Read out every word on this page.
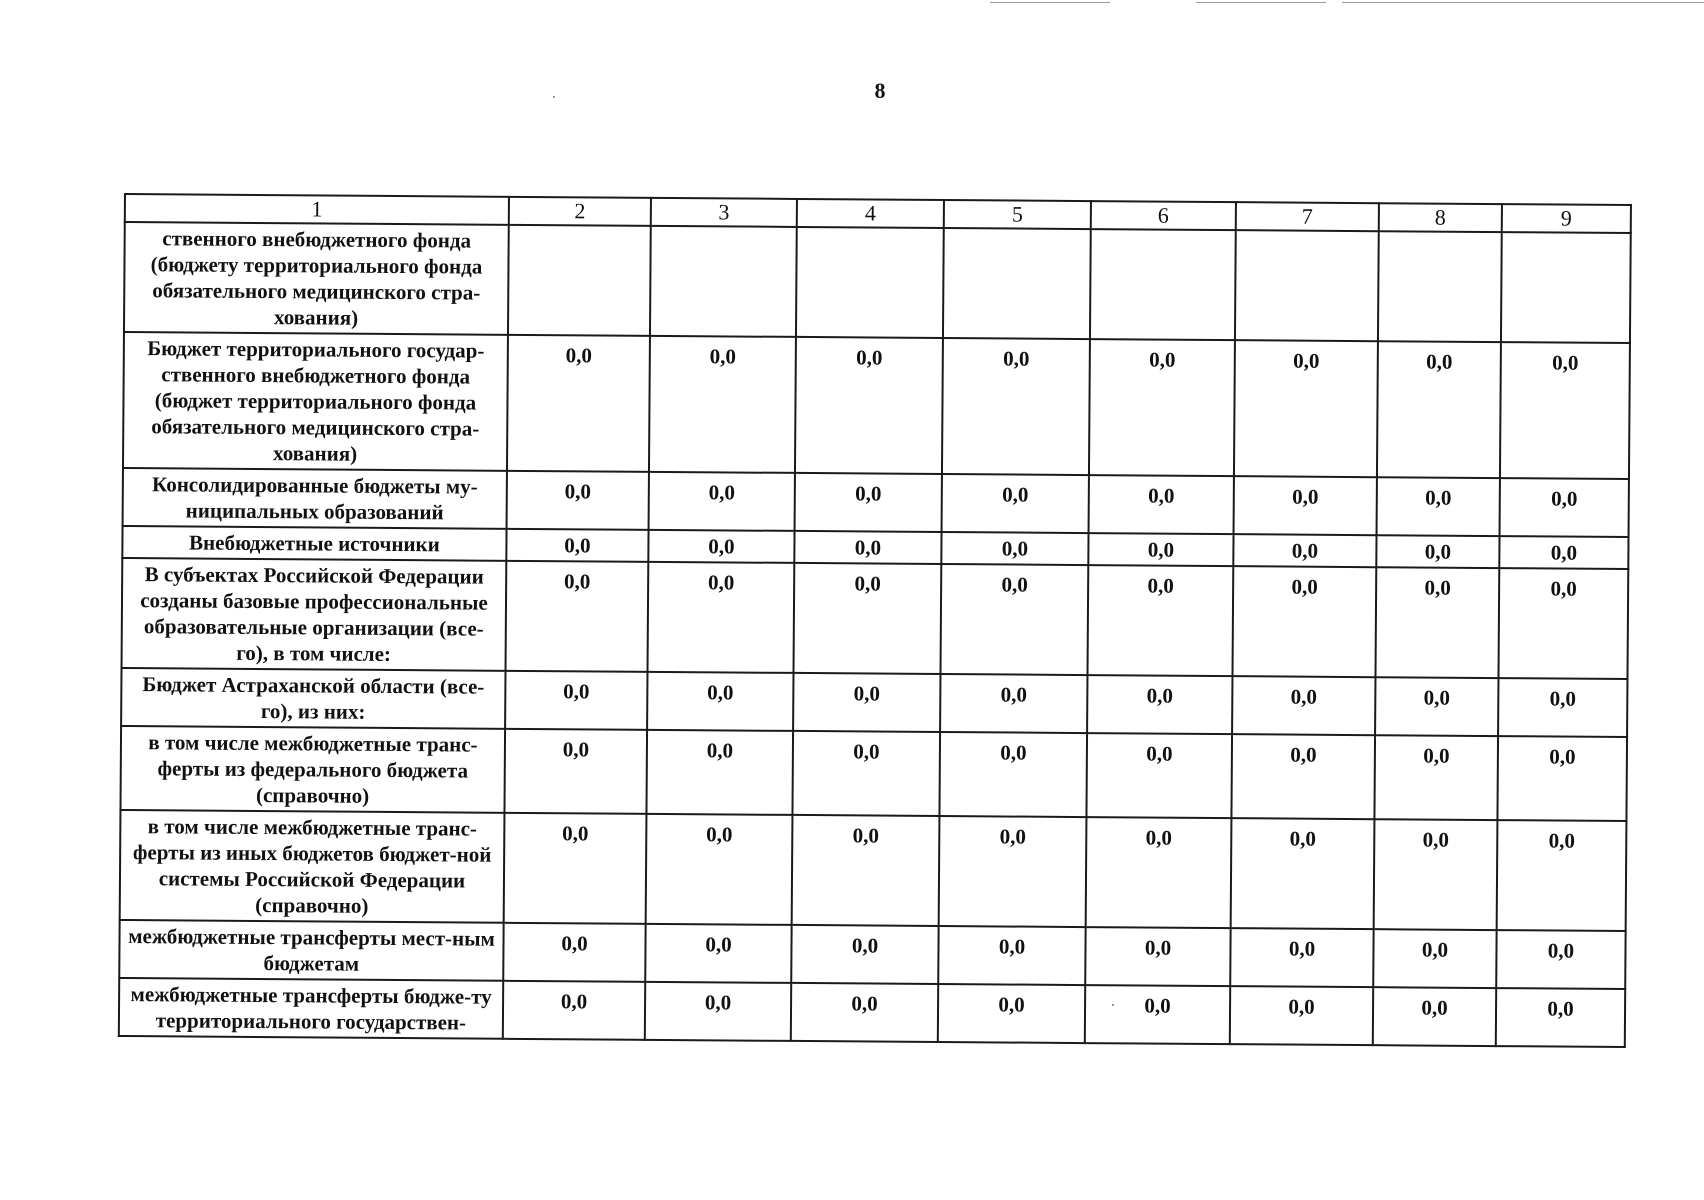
8
1	2	3	4	5	6	7	8	9
ственного внебюджетного фонда (бюджету территориального фонда обязательного медицинского стра-хования)								
Бюджет территориального государ-ственного внебюджетного фонда (бюджет территориального фонда обязательного медицинского стра-хования)	0,0	0,0	0,0	0,0	0,0	0,0	0,0	0,0
Консолидированные бюджеты му-ниципальных образований	0,0	0,0	0,0	0,0	0,0	0,0	0,0	0,0
Внебюджетные источники	0,0	0,0	0,0	0,0	0,0	0,0	0,0	0,0
В субъектах Российской Федерации созданы базовые профессиональные образовательные организации (все-го), в том числе:	0,0	0,0	0,0	0,0	0,0	0,0	0,0	0,0
Бюджет Астраханской области (все-го), из них:	0,0	0,0	0,0	0,0	0,0	0,0	0,0	0,0
в том числе межбюджетные транс-ферты из федерального бюджета (справочно)	0,0	0,0	0,0	0,0	0,0	0,0	0,0	0,0
в том числе межбюджетные транс-ферты из иных бюджетов бюджет-ной системы Российской Федерации (справочно)	0,0	0,0	0,0	0,0	0,0	0,0	0,0	0,0
межбюджетные трансферты мест-ным бюджетам	0,0	0,0	0,0	0,0	0,0	0,0	0,0	0,0
межбюджетные трансферты бюдже-ту территориального государствен-	0,0	0,0	0,0	0,0	0,0	0,0	0,0	0,0
